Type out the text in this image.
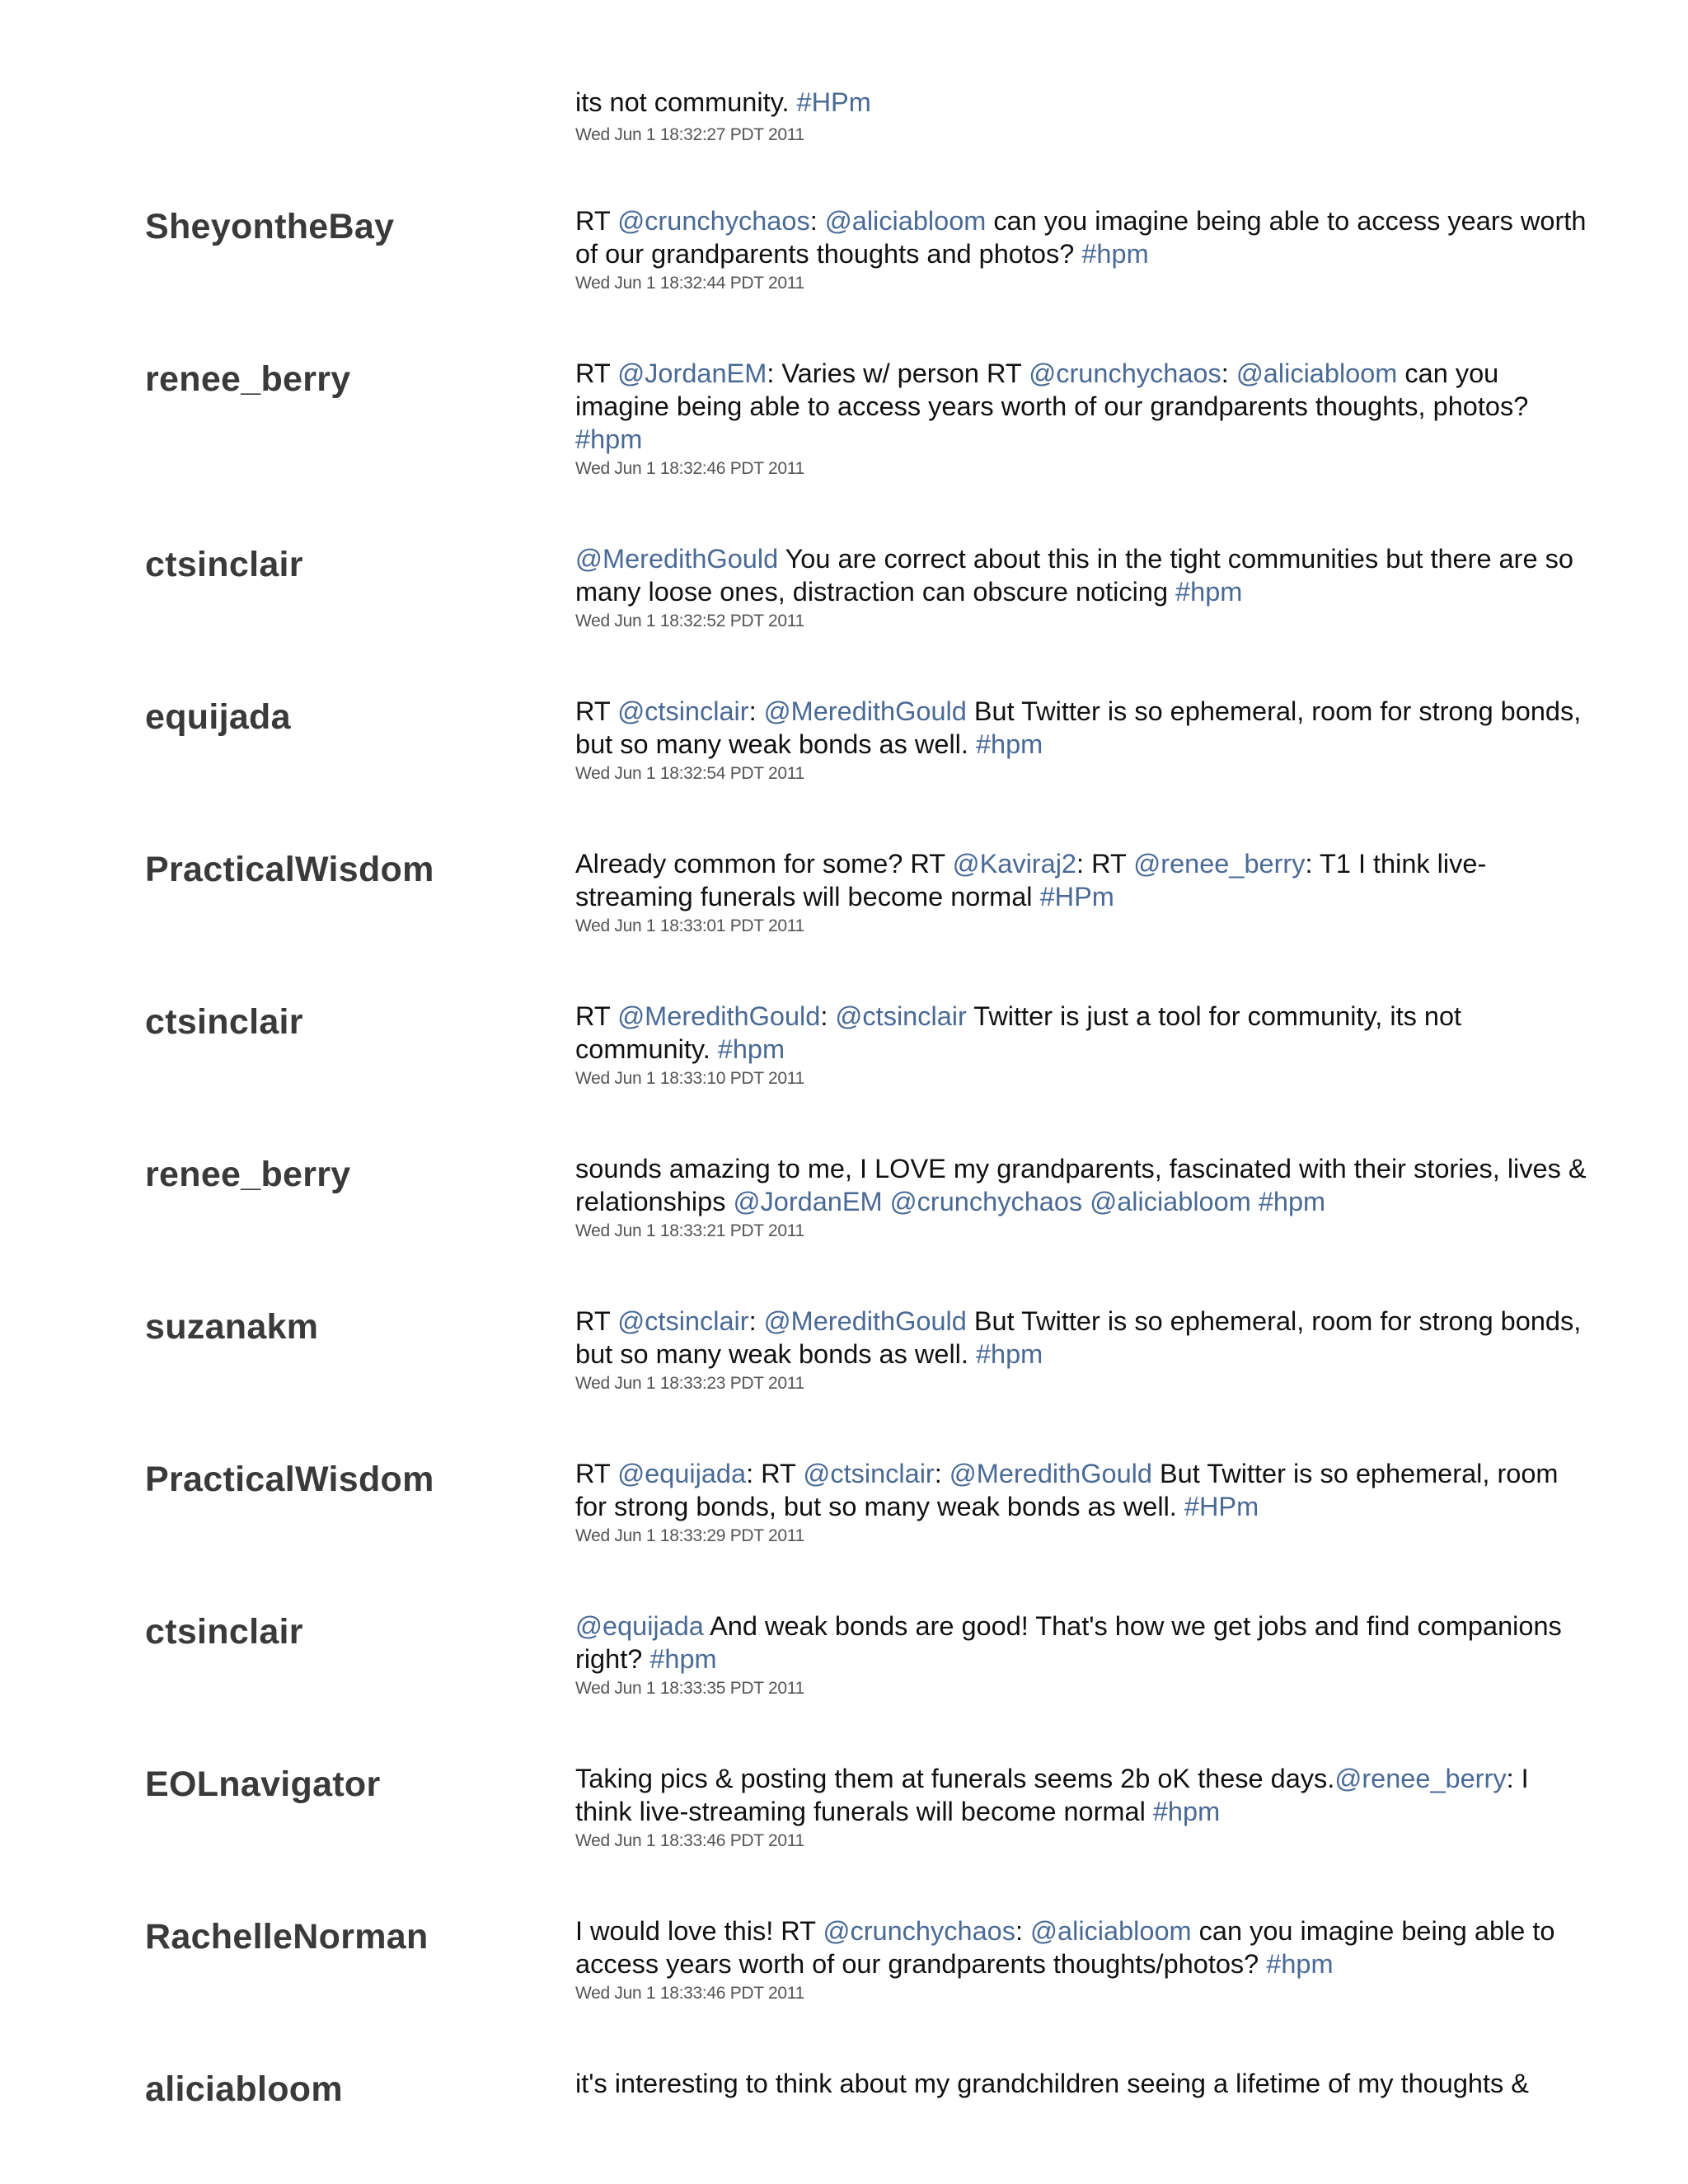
its not community. #HPm
Wed Jun 1 18:32:27 PDT 2011
SheyontheBay	RT @crunchychaos: @aliciabloom can you imagine being able to access years worth of our grandparents thoughts and photos? #hpm
Wed Jun 1 18:32:44 PDT 2011
renee_berry	RT @JordanEM: Varies w/ person RT @crunchychaos: @aliciabloom can you imagine being able to access years worth of our grandparents thoughts, photos? #hpm
Wed Jun 1 18:32:46 PDT 2011
ctsinclair	@MeredithGould You are correct about this in the tight communities but there are so many loose ones, distraction can obscure noticing #hpm
Wed Jun 1 18:32:52 PDT 2011
equijada	RT @ctsinclair: @MeredithGould But Twitter is so ephemeral, room for strong bonds, but so many weak bonds as well. #hpm
Wed Jun 1 18:32:54 PDT 2011
PracticalWisdom	Already common for some? RT @Kaviraj2: RT @renee_berry: T1 I think live-streaming funerals will become normal #HPm
Wed Jun 1 18:33:01 PDT 2011
ctsinclair	RT @MeredithGould: @ctsinclair Twitter is just a tool for community, its not community. #hpm
Wed Jun 1 18:33:10 PDT 2011
renee_berry	sounds amazing to me, I LOVE my grandparents, fascinated with their stories, lives & relationships @JordanEM @crunchychaos @aliciabloom #hpm
Wed Jun 1 18:33:21 PDT 2011
suzanakm	RT @ctsinclair: @MeredithGould But Twitter is so ephemeral, room for strong bonds, but so many weak bonds as well. #hpm
Wed Jun 1 18:33:23 PDT 2011
PracticalWisdom	RT @equijada: RT @ctsinclair: @MeredithGould But Twitter is so ephemeral, room for strong bonds, but so many weak bonds as well. #HPm
Wed Jun 1 18:33:29 PDT 2011
ctsinclair	@equijada And weak bonds are good! That's how we get jobs and find companions right? #hpm
Wed Jun 1 18:33:35 PDT 2011
EOLnavigator	Taking pics & posting them at funerals seems 2b oK these days.@renee_berry: I think live-streaming funerals will become normal #hpm
Wed Jun 1 18:33:46 PDT 2011
RachelleNorman	I would love this! RT @crunchychaos: @aliciabloom can you imagine being able to access years worth of our grandparents thoughts/photos? #hpm
Wed Jun 1 18:33:46 PDT 2011
aliciabloom	it's interesting to think about my grandchildren seeing a lifetime of my thoughts &
